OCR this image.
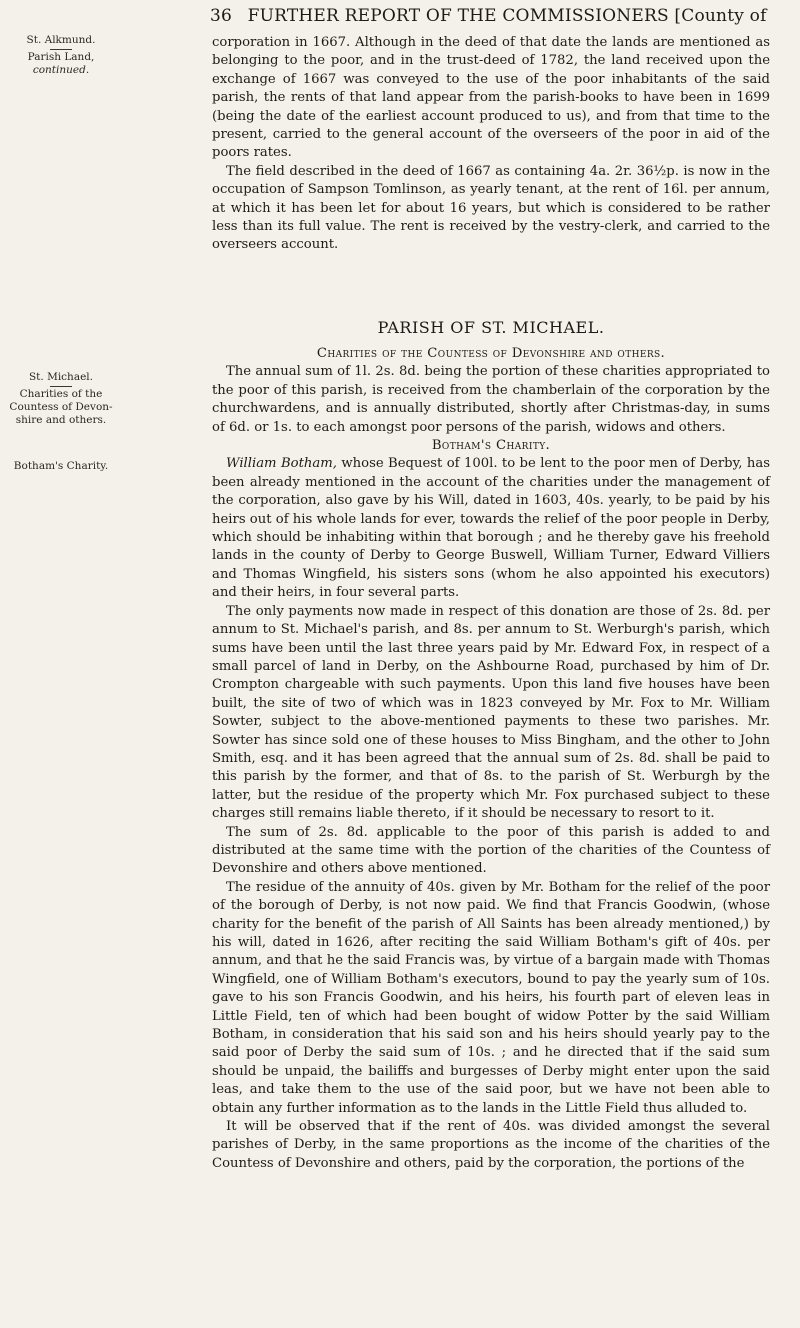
36 FURTHER REPORT OF THE COMMISSIONERS [County of
St. Alkmund.
Parish Land,
continued.
St. Michael.
Charities of the Countess of Devon-shire and others.
Botham's Charity.

corporation in 1667. Although in the deed of that date the lands are mentioned as belonging to the poor, and in the trust-deed of 1782, the land received upon the exchange of 1667 was conveyed to the use of the poor inhabitants of the said parish, the rents of that land appear from the parish-books to have been in 1699 (being the date of the earliest account produced to us), and from that time to the present, carried to the general account of the overseers of the poor in aid of the poors rates.

The field described in the deed of 1667 as containing 4a. 2r. 36½p. is now in the occupation of Sampson Tomlinson, as yearly tenant, at the rent of 16l. per annum, at which it has been let for about 16 years, but which is considered to be rather less than its full value. The rent is received by the vestry-clerk, and carried to the overseers account.

PARISH OF ST. MICHAEL.

Charities of the Countess of Devonshire and others.

The annual sum of 1l. 2s. 8d. being the portion of these charities appropriated to the poor of this parish, is received from the chamberlain of the corporation by the churchwardens, and is annually distributed, shortly after Christmas-day, in sums of 6d. or 1s. to each amongst poor persons of the parish, widows and others.

Botham's Charity.

William Botham, whose Bequest of 100l. to be lent to the poor men of Derby, has been already mentioned in the account of the charities under the management of the corporation, also gave by his Will, dated in 1603, 40s. yearly, to be paid by his heirs out of his whole lands for ever, towards the relief of the poor people in Derby, which should be inhabiting within that borough ; and he thereby gave his freehold lands in the county of Derby to George Buswell, William Turner, Edward Villiers and Thomas Wingfield, his sisters sons (whom he also appointed his executors) and their heirs, in four several parts.

The only payments now made in respect of this donation are those of 2s. 8d. per annum to St. Michael's parish, and 8s. per annum to St. Werburgh's parish, which sums have been until the last three years paid by Mr. Edward Fox, in respect of a small parcel of land in Derby, on the Ashbourne Road, purchased by him of Dr. Crompton chargeable with such payments. Upon this land five houses have been built, the site of two of which was in 1823 conveyed by Mr. Fox to Mr. William Sowter, subject to the above-mentioned payments to these two parishes. Mr. Sowter has since sold one of these houses to Miss Bingham, and the other to John Smith, esq. and it has been agreed that the annual sum of 2s. 8d. shall be paid to this parish by the former, and that of 8s. to the parish of St. Werburgh by the latter, but the residue of the property which Mr. Fox purchased subject to these charges still remains liable thereto, if it should be necessary to resort to it.

The sum of 2s. 8d. applicable to the poor of this parish is added to and distributed at the same time with the portion of the charities of the Countess of Devonshire and others above mentioned.

The residue of the annuity of 40s. given by Mr. Botham for the relief of the poor of the borough of Derby, is not now paid. We find that Francis Goodwin, (whose charity for the benefit of the parish of All Saints has been already mentioned,) by his will, dated in 1626, after reciting the said William Botham's gift of 40s. per annum, and that he the said Francis was, by virtue of a bargain made with Thomas Wingfield, one of William Botham's executors, bound to pay the yearly sum of 10s. gave to his son Francis Goodwin, and his heirs, his fourth part of eleven leas in Little Field, ten of which had been bought of widow Potter by the said William Botham, in consideration that his said son and his heirs should yearly pay to the said poor of Derby the said sum of 10s. ; and he directed that if the said sum should be unpaid, the bailiffs and burgesses of Derby might enter upon the said leas, and take them to the use of the said poor, but we have not been able to obtain any further information as to the lands in the Little Field thus alluded to.

It will be observed that if the rent of 40s. was divided amongst the several parishes of Derby, in the same proportions as the income of the charities of the Countess of Devonshire and others, paid by the corporation, the portions of the
